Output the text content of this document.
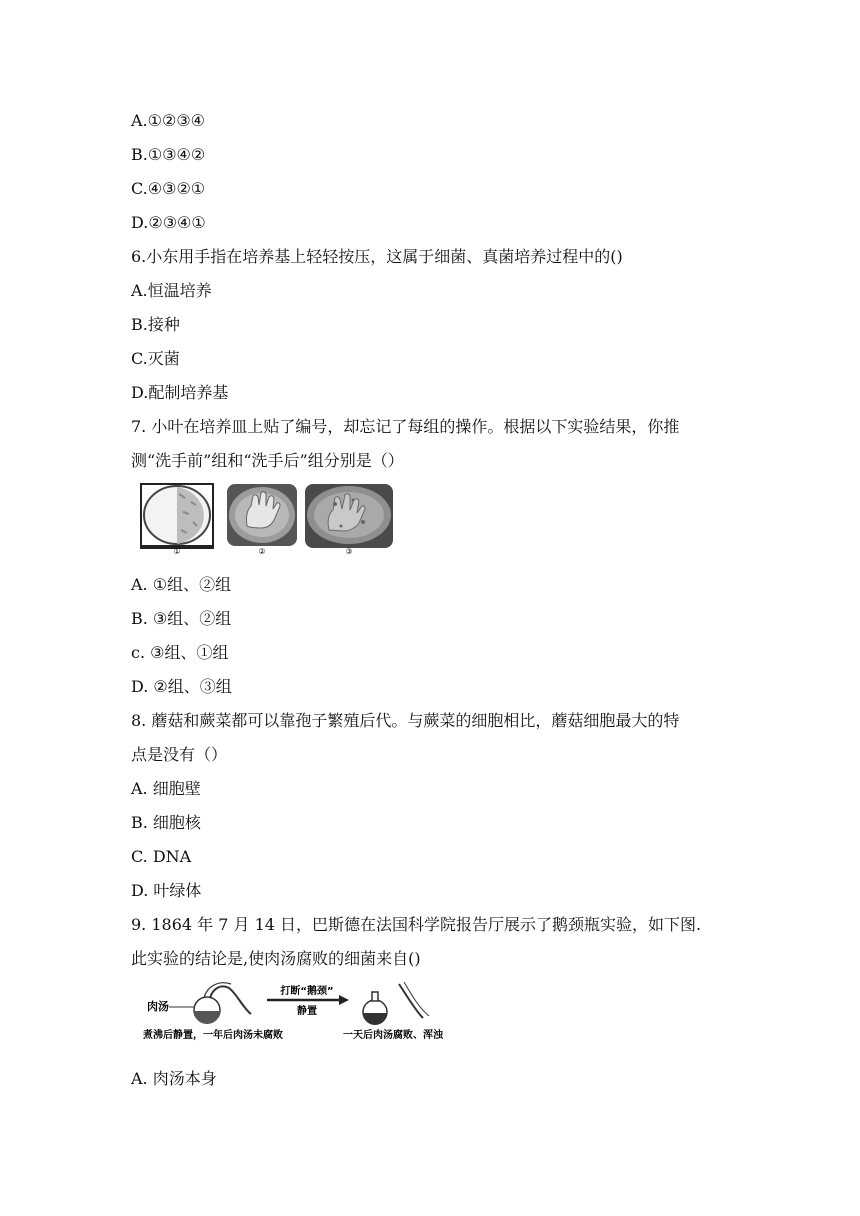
A.①②③④
B.①③④②
C.④③②①
D.②③④①
6.小东用手指在培养基上轻轻按压，这属于细菌、真菌培养过程中的()
A.恒温培养
B.接种
C.灭菌
D.配制培养基
7. 小叶在培养皿上贴了编号，却忘记了每组的操作。根据以下实验结果，你推
测“洗手前”组和“洗手后”组分别是（）
①	②	③
A. ①组、②组
B. ③组、②组
c. ③组、①组
D. ②组、③组
8. 蘑菇和蕨菜都可以靠孢子繁殖后代。与蕨菜的细胞相比，蘑菇细胞最大的特
点是没有（）
A. 细胞壁
B. 细胞核
C. DNA
D. 叶绿体
9. 1864 年 7 月 14 日，巴斯德在法国科学院报告厅展示了鹅颈瓶实验，如下图.
此实验的结论是,使肉汤腐败的细菌来自()
肉汤
打断“鹅颈”
静置
煮沸后静置，一年后肉汤未腐败	一天后肉汤腐败、浑浊
A. 肉汤本身
